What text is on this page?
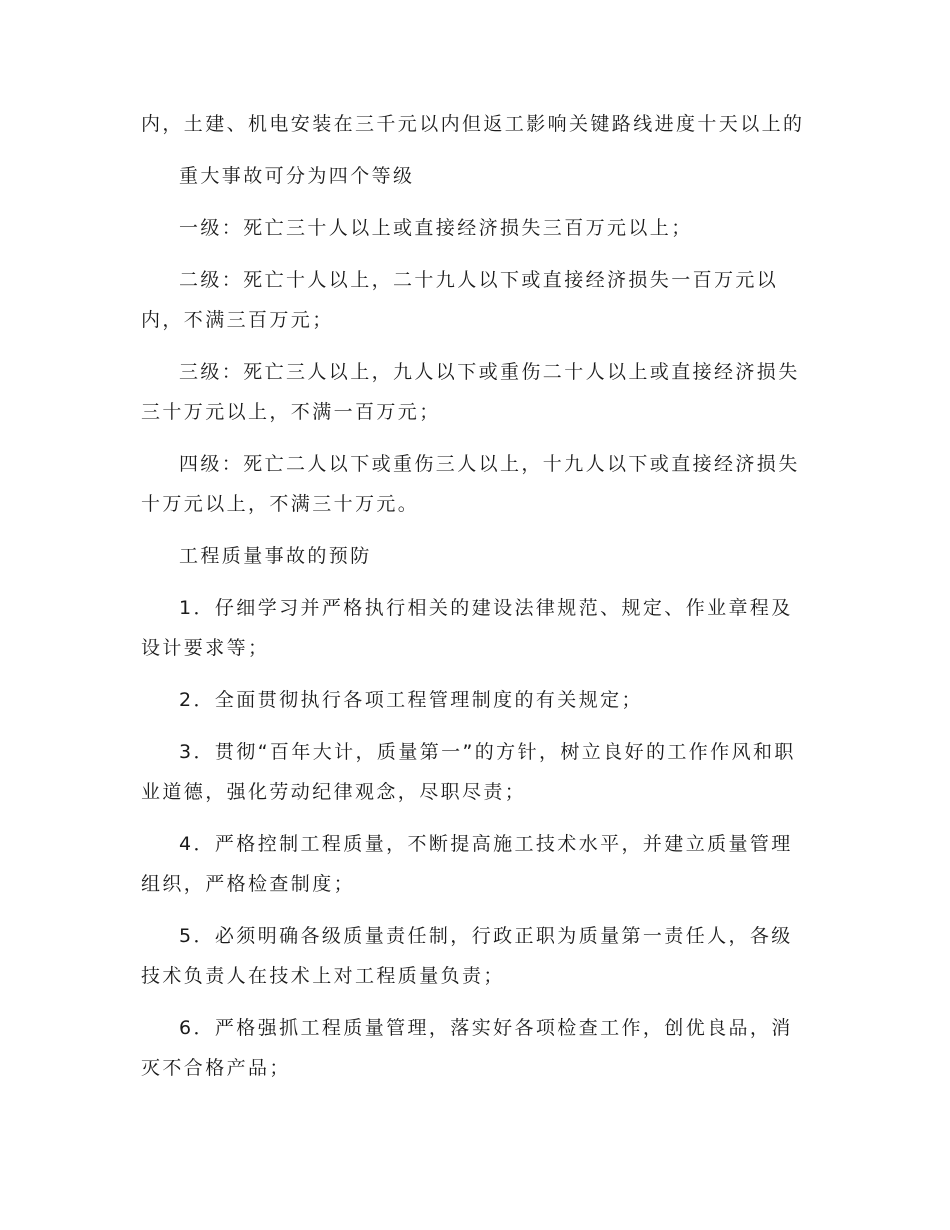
内，土建、机电安装在三千元以内但返工影响关键路线进度十天以上的

重大事故可分为四个等级

一级：死亡三十人以上或直接经济损失三百万元以上；

二级：死亡十人以上，二十九人以下或直接经济损失一百万元以内，不满三百万元；

三级：死亡三人以上，九人以下或重伤二十人以上或直接经济损失三十万元以上，不满一百万元；

四级：死亡二人以下或重伤三人以上，十九人以下或直接经济损失十万元以上，不满三十万元。

工程质量事故的预防

1．仔细学习并严格执行相关的建设法律规范、规定、作业章程及设计要求等；

2．全面贯彻执行各项工程管理制度的有关规定；

3．贯彻“百年大计，质量第一”的方针，树立良好的工作作风和职业道德，强化劳动纪律观念，尽职尽责；

4．严格控制工程质量，不断提高施工技术水平，并建立质量管理组织，严格检查制度；

5．必须明确各级质量责任制，行政正职为质量第一责任人，各级技术负责人在技术上对工程质量负责；

6．严格强抓工程质量管理，落实好各项检查工作，创优良品，消灭不合格产品；
